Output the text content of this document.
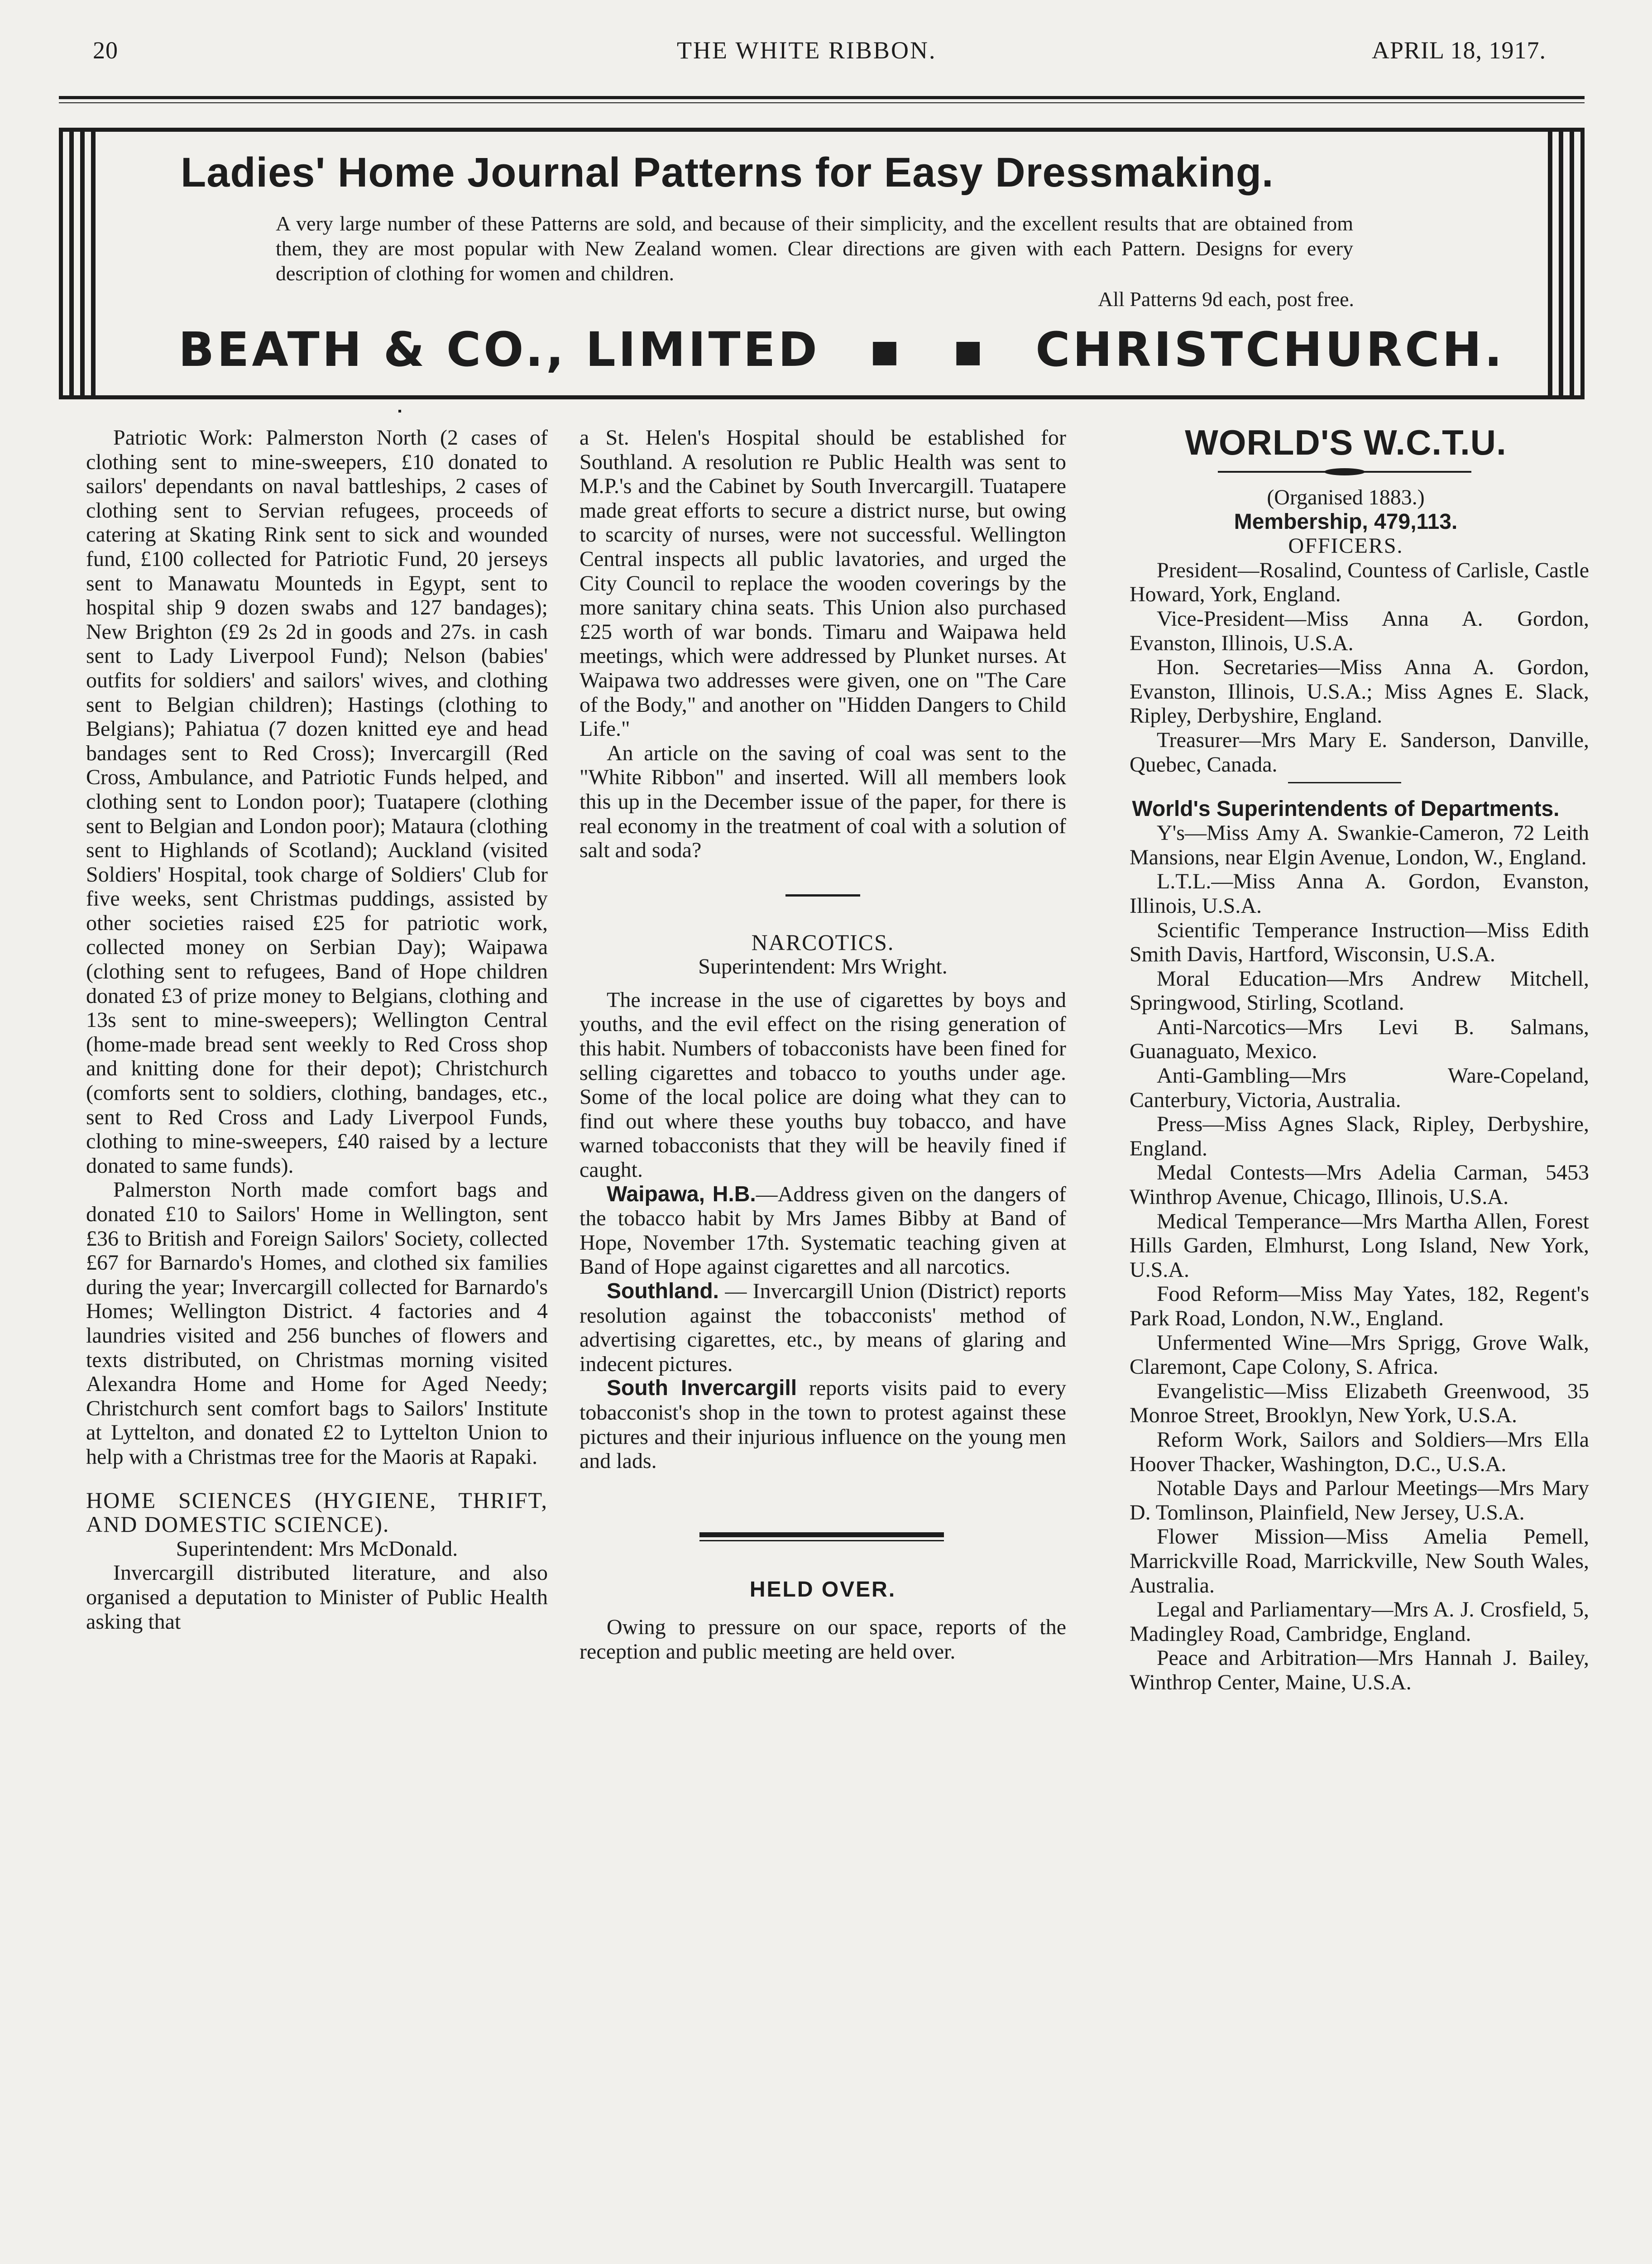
20	THE WHITE RIBBON.	APRIL 18, 1917.
Ladies' Home Journal Patterns for Easy Dressmaking.
A very large number of these Patterns are sold, and because of their simplicity, and the excellent results that are obtained from them, they are most popular with New Zealand women. Clear directions are given with each Pattern. Designs for every description of clothing for women and children.
All Patterns 9d each, post free.
BEATH & CO., LIMITED ▪ ▪ CHRISTCHURCH.

Patriotic Work: Palmerston North (2 cases of clothing sent to mine-sweepers, £10 donated to sailors' dependants on naval battleships, 2 cases of clothing sent to Servian refugees, proceeds of catering at Skating Rink sent to sick and wounded fund, £100 collected for Patriotic Fund, 20 jerseys sent to Manawatu Mounteds in Egypt, sent to hospital ship 9 dozen swabs and 127 bandages); New Brighton (£9 2s 2d in goods and 27s. in cash sent to Lady Liverpool Fund); Nelson (babies' outfits for soldiers' and sailors' wives, and clothing sent to Belgian children); Hastings (clothing to Belgians); Pahiatua (7 dozen knitted eye and head bandages sent to Red Cross); Invercargill (Red Cross, Ambulance, and Patriotic Funds helped, and clothing sent to London poor); Tuatapere (clothing sent to Belgian and London poor); Mataura (clothing sent to Highlands of Scotland); Auckland (visited Soldiers' Hospital, took charge of Soldiers' Club for five weeks, sent Christmas puddings, assisted by other societies raised £25 for patriotic work, collected money on Serbian Day); Waipawa (clothing sent to refugees, Band of Hope children donated £3 of prize money to Belgians, clothing and 13s sent to mine-sweepers); Wellington Central (home-made bread sent weekly to Red Cross shop and knitting done for their depot); Christchurch (comforts sent to soldiers, clothing, bandages, etc., sent to Red Cross and Lady Liverpool Funds, clothing to mine-sweepers, £40 raised by a lecture donated to same funds).

Palmerston North made comfort bags and donated £10 to Sailors' Home in Wellington, sent £36 to British and Foreign Sailors' Society, collected £67 for Barnardo's Homes, and clothed six families during the year; Invercargill collected for Barnardo's Homes; Wellington District. 4 factories and 4 laundries visited and 256 bunches of flowers and texts distributed, on Christmas morning visited Alexandra Home and Home for Aged Needy; Christchurch sent comfort bags to Sailors' Institute at Lyttelton, and donated £2 to Lyttelton Union to help with a Christmas tree for the Maoris at Rapaki.

HOME SCIENCES (HYGIENE, THRIFT, AND DOMESTIC SCIENCE).

Superintendent: Mrs McDonald.

Invercargill distributed literature, and also organised a deputation to Minister of Public Health asking that

a St. Helen's Hospital should be established for Southland. A resolution re Public Health was sent to M.P.'s and the Cabinet by South Invercargill. Tuatapere made great efforts to secure a district nurse, but owing to scarcity of nurses, were not successful. Wellington Central inspects all public lavatories, and urged the City Council to replace the wooden coverings by the more sanitary china seats. This Union also purchased £25 worth of war bonds. Timaru and Waipawa held meetings, which were addressed by Plunket nurses. At Waipawa two addresses were given, one on "The Care of the Body," and another on "Hidden Dangers to Child Life."

An article on the saving of coal was sent to the "White Ribbon" and inserted. Will all members look this up in the December issue of the paper, for there is real economy in the treatment of coal with a solution of salt and soda?

NARCOTICS.

Superintendent: Mrs Wright.

The increase in the use of cigarettes by boys and youths, and the evil effect on the rising generation of this habit. Numbers of tobacconists have been fined for selling cigarettes and tobacco to youths under age. Some of the local police are doing what they can to find out where these youths buy tobacco, and have warned tobacconists that they will be heavily fined if caught.

Waipawa, H.B.—Address given on the dangers of the tobacco habit by Mrs James Bibby at Band of Hope, November 17th. Systematic teaching given at Band of Hope against cigarettes and all narcotics.

Southland. — Invercargill Union (District) reports resolution against the tobacconists' method of advertising cigarettes, etc., by means of glaring and indecent pictures.

South Invercargill reports visits paid to every tobacconist's shop in the town to protest against these pictures and their injurious influence on the young men and lads.

HELD OVER.

Owing to pressure on our space, reports of the reception and public meeting are held over.

WORLD'S W.C.T.U.

(Organised 1883.)

Membership, 479,113.

OFFICERS.

President—Rosalind, Countess of Carlisle, Castle Howard, York, England.

Vice-President—Miss Anna A. Gordon, Evanston, Illinois, U.S.A.

Hon. Secretaries—Miss Anna A. Gordon, Evanston, Illinois, U.S.A.; Miss Agnes E. Slack, Ripley, Derbyshire, England.

Treasurer—Mrs Mary E. Sanderson, Danville, Quebec, Canada.

World's Superintendents of Departments.

Y's—Miss Amy A. Swankie-Cameron, 72 Leith Mansions, near Elgin Avenue, London, W., England.

L.T.L.—Miss Anna A. Gordon, Evanston, Illinois, U.S.A.

Scientific Temperance Instruction—Miss Edith Smith Davis, Hartford, Wisconsin, U.S.A.

Moral Education—Mrs Andrew Mitchell, Springwood, Stirling, Scotland.

Anti-Narcotics—Mrs Levi B. Salmans, Guanaguato, Mexico.

Anti-Gambling—Mrs Ware-Copeland, Canterbury, Victoria, Australia.

Press—Miss Agnes Slack, Ripley, Derbyshire, England.

Medal Contests—Mrs Adelia Carman, 5453 Winthrop Avenue, Chicago, Illinois, U.S.A.

Medical Temperance—Mrs Martha Allen, Forest Hills Garden, Elmhurst, Long Island, New York, U.S.A.

Food Reform—Miss May Yates, 182, Regent's Park Road, London, N.W., England.

Unfermented Wine—Mrs Sprigg, Grove Walk, Claremont, Cape Colony, S. Africa.

Evangelistic—Miss Elizabeth Greenwood, 35 Monroe Street, Brooklyn, New York, U.S.A.

Reform Work, Sailors and Soldiers—Mrs Ella Hoover Thacker, Washington, D.C., U.S.A.

Notable Days and Parlour Meetings—Mrs Mary D. Tomlinson, Plainfield, New Jersey, U.S.A.

Flower Mission—Miss Amelia Pemell, Marrickville Road, Marrickville, New South Wales, Australia.

Legal and Parliamentary—Mrs A. J. Crosfield, 5, Madingley Road, Cambridge, England.

Peace and Arbitration—Mrs Hannah J. Bailey, Winthrop Center, Maine, U.S.A.
